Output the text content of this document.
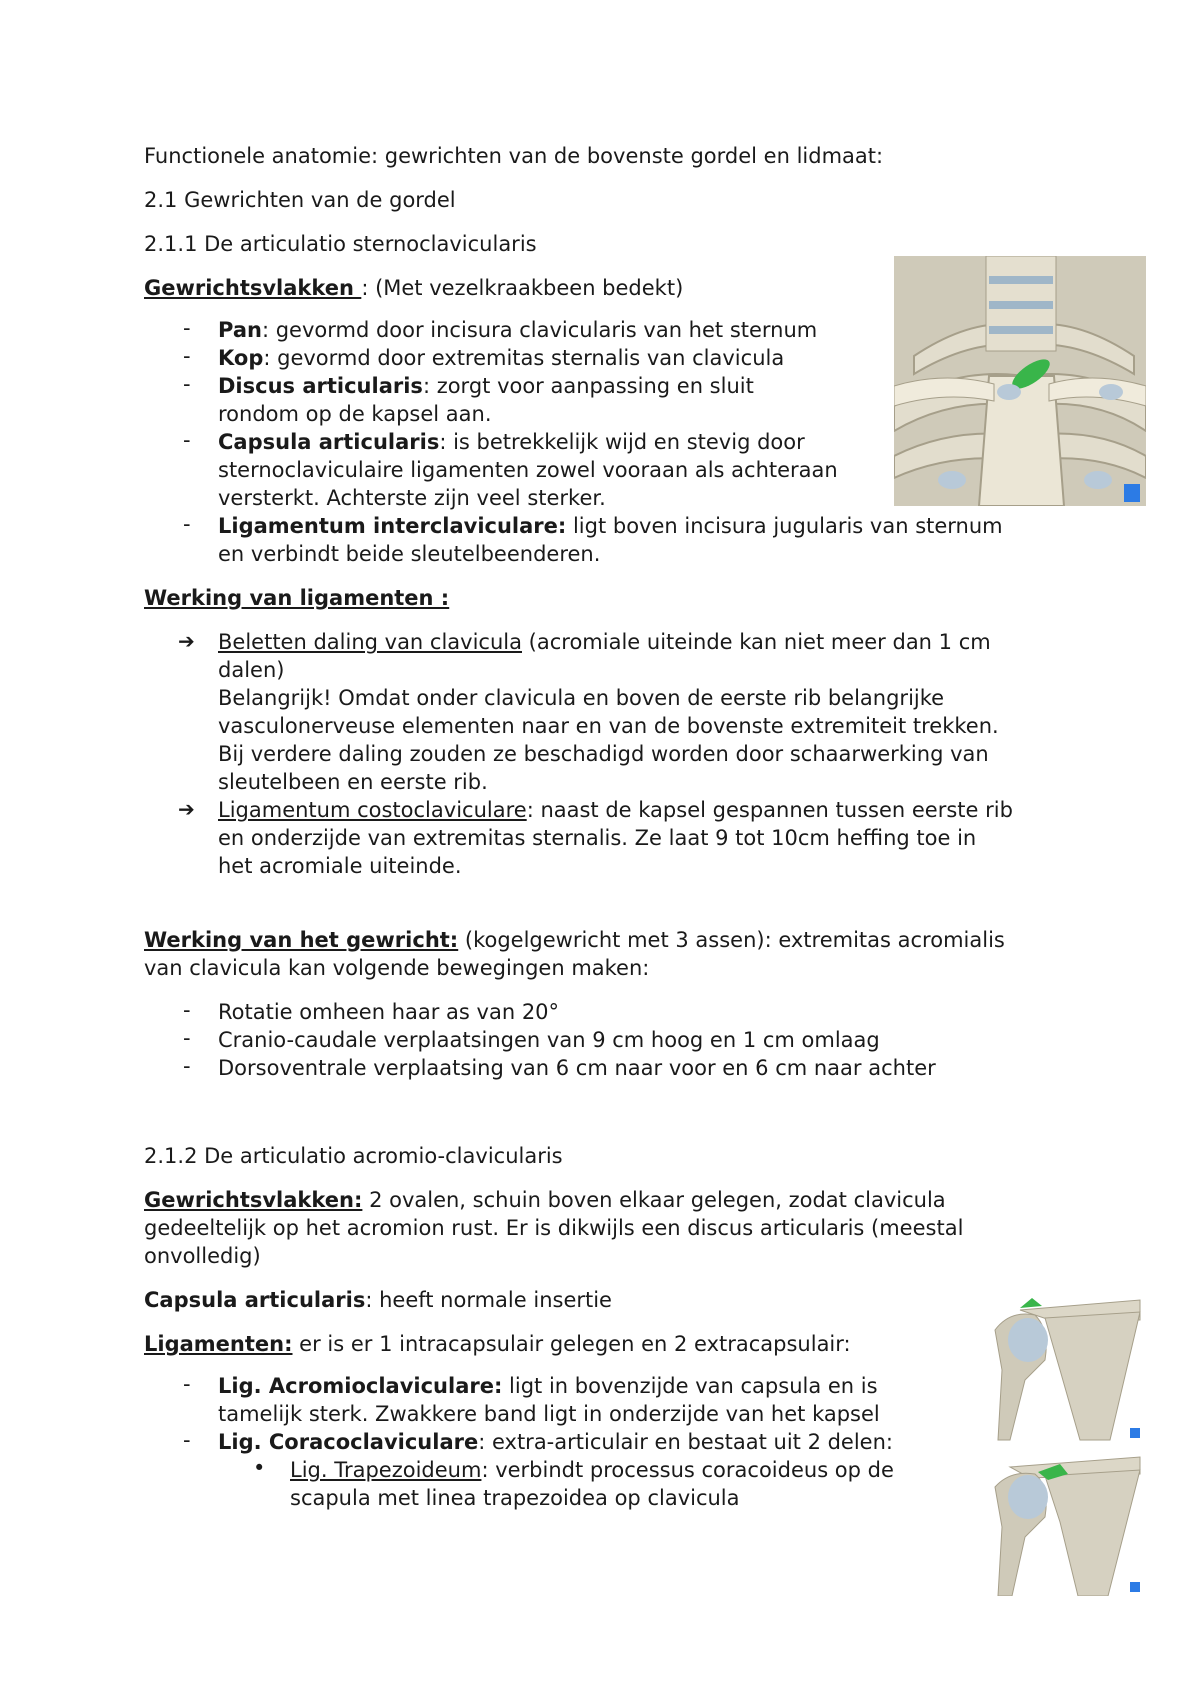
Functionele anatomie: gewrichten van de bovenste gordel en lidmaat:
2.1 Gewrichten van de gordel
2.1.1 De articulatio sternoclavicularis
Gewrichtsvlakken : (Met vezelkraakbeen bedekt)
- Pan: gevormd door incisura clavicularis van het sternum
- Kop: gevormd door extremitas sternalis van clavicula
- Discus articularis: zorgt voor aanpassing en sluit
rondom op de kapsel aan.
- Capsula articularis: is betrekkelijk wijd en stevig door
sternoclaviculaire ligamenten zowel vooraan als achteraan
versterkt. Achterste zijn veel sterker.
- Ligamentum interclaviculare: ligt boven incisura jugularis van sternum
en verbindt beide sleutelbeenderen.
Werking van ligamenten :
➔ Beletten daling van clavicula (acromiale uiteinde kan niet meer dan 1 cm
dalen)
Belangrijk! Omdat onder clavicula en boven de eerste rib belangrijke
vasculonerveuse elementen naar en van de bovenste extremiteit trekken.
Bij verdere daling zouden ze beschadigd worden door schaarwerking van
sleutelbeen en eerste rib.
➔ Ligamentum costoclaviculare: naast de kapsel gespannen tussen eerste rib
en onderzijde van extremitas sternalis. Ze laat 9 tot 10cm heffing toe in
het acromiale uiteinde.
Werking van het gewricht: (kogelgewricht met 3 assen): extremitas acromialis
van clavicula kan volgende bewegingen maken:
- Rotatie omheen haar as van 20°
- Cranio-caudale verplaatsingen van 9 cm hoog en 1 cm omlaag
- Dorsoventrale verplaatsing van 6 cm naar voor en 6 cm naar achter
2.1.2 De articulatio acromio-clavicularis
Gewrichtsvlakken: 2 ovalen, schuin boven elkaar gelegen, zodat clavicula
gedeeltelijk op het acromion rust. Er is dikwijls een discus articularis (meestal
onvolledig)
Capsula articularis: heeft normale insertie
Ligamenten: er is er 1 intracapsulair gelegen en 2 extracapsulair:
- Lig. Acromioclaviculare: ligt in bovenzijde van capsula en is
tamelijk sterk. Zwakkere band ligt in onderzijde van het kapsel
- Lig. Coracoclaviculare: extra-articulair en bestaat uit 2 delen:
• Lig. Trapezoideum: verbindt processus coracoideus op de
scapula met linea trapezoidea op clavicula
